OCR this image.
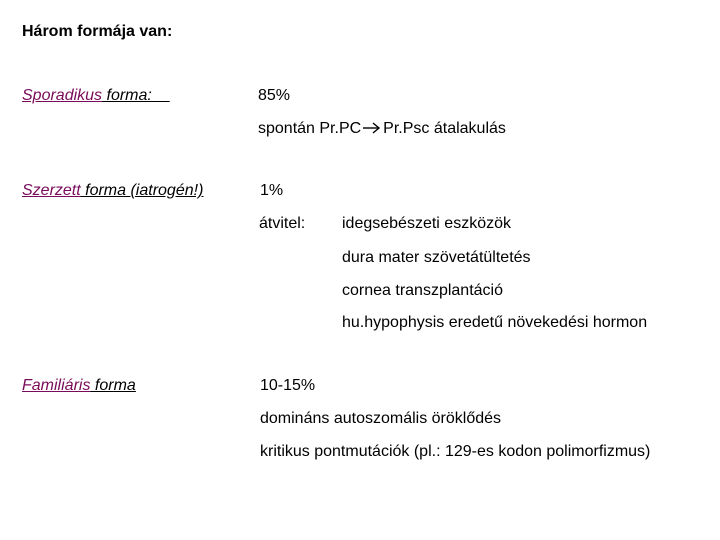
Három formája van:
Sporadikus forma:	85%
spontán Pr.PC Pr.Psc átalakulás
Szerzett forma (iatrogén!)	1%
átvitel: idegsebészeti eszközök
dura mater szövetátültetés
cornea transzplantáció
hu.hypophysis eredetű növekedési hormon
Familiáris forma	10-15%
domináns autoszomális öröklődés
kritikus pontmutációk (pl.: 129-es kodon polimorfizmus)
